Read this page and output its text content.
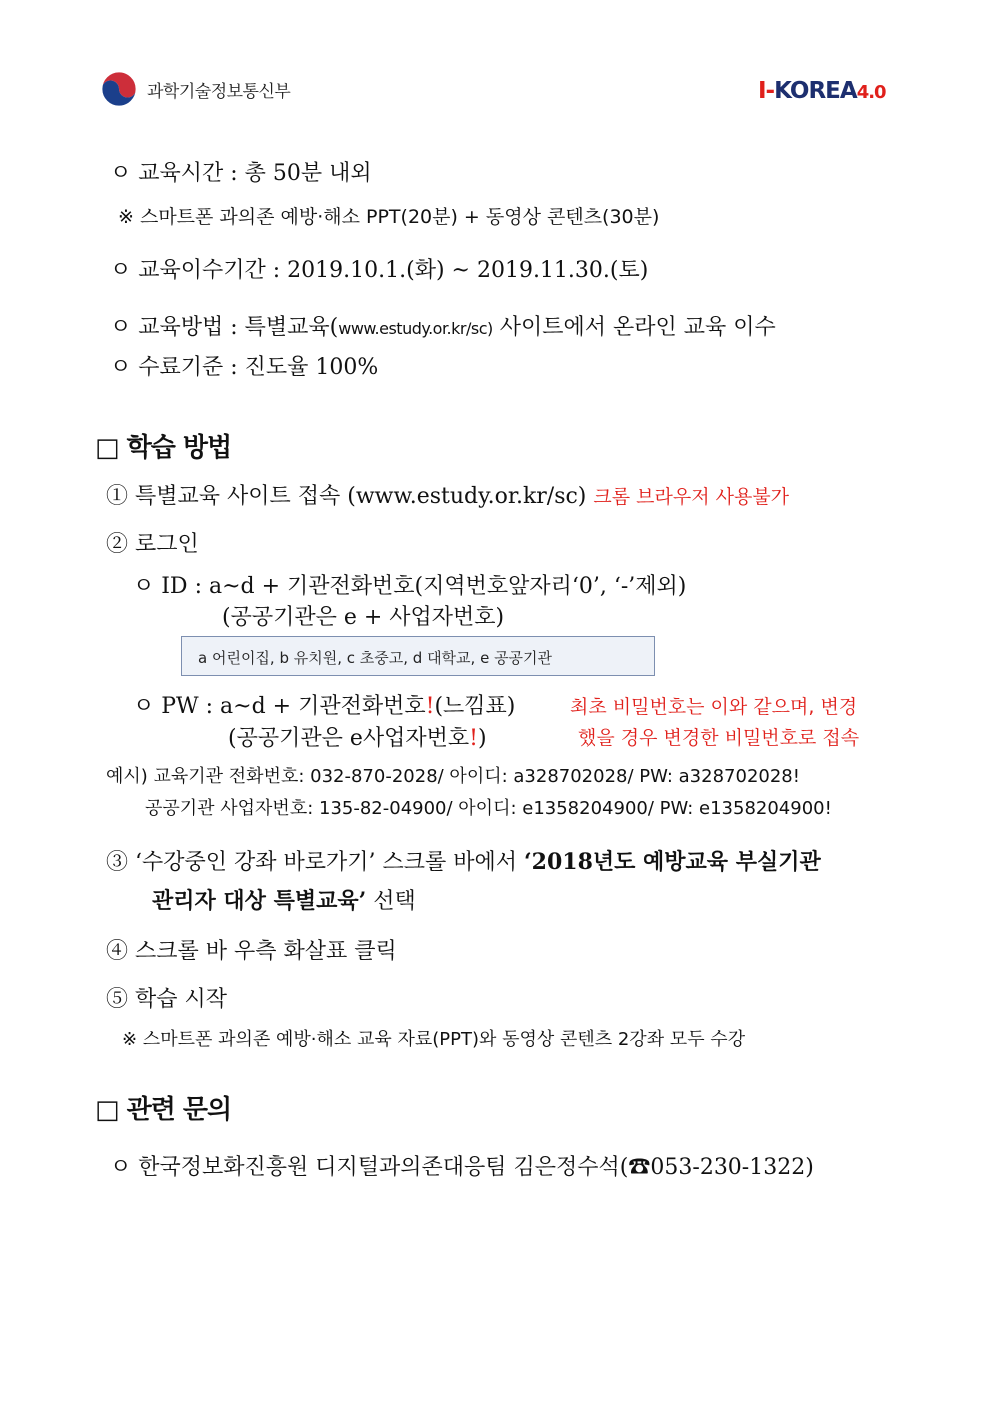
과학기술정보통신부	I-KOREA4.0
ㅇ 교육시간 : 총 50분 내외
※ 스마트폰 과의존 예방·해소 PPT(20분) + 동영상 콘텐츠(30분)
ㅇ 교육이수기간 : 2019.10.1.(화) ~ 2019.11.30.(토)
ㅇ 교육방법 : 특별교육(www.estudy.or.kr/sc) 사이트에서 온라인 교육 이수
ㅇ 수료기준 : 진도율 100%
□ 학습 방법
① 특별교육 사이트 접속 (www.estudy.or.kr/sc) 크롬 브라우저 사용불가
② 로그인
ㅇ ID : a~d + 기관전화번호(지역번호앞자리‘0’, ‘-’제외)
(공공기관은 e + 사업자번호)
a 어린이집, b 유치원, c 초중고, d 대학교, e 공공기관
ㅇ PW : a~d + 기관전화번호!(느낌표)	최초 비밀번호는 이와 같으며, 변경
(공공기관은 e사업자번호!)	했을 경우 변경한 비밀번호로 접속
예시) 교육기관 전화번호: 032-870-2028/ 아이디: a328702028/ PW: a328702028!
공공기관 사업자번호: 135-82-04900/ 아이디: e1358204900/ PW: e1358204900!
③ ‘수강중인 강좌 바로가기’ 스크롤 바에서 ‘2018년도 예방교육 부실기관
관리자 대상 특별교육’ 선택
④ 스크롤 바 우측 화살표 클릭
⑤ 학습 시작
※ 스마트폰 과의존 예방·해소 교육 자료(PPT)와 동영상 콘텐츠 2강좌 모두 수강
□ 관련 문의
ㅇ 한국정보화진흥원 디지털과의존대응팀 김은정수석(☎053-230-1322)
